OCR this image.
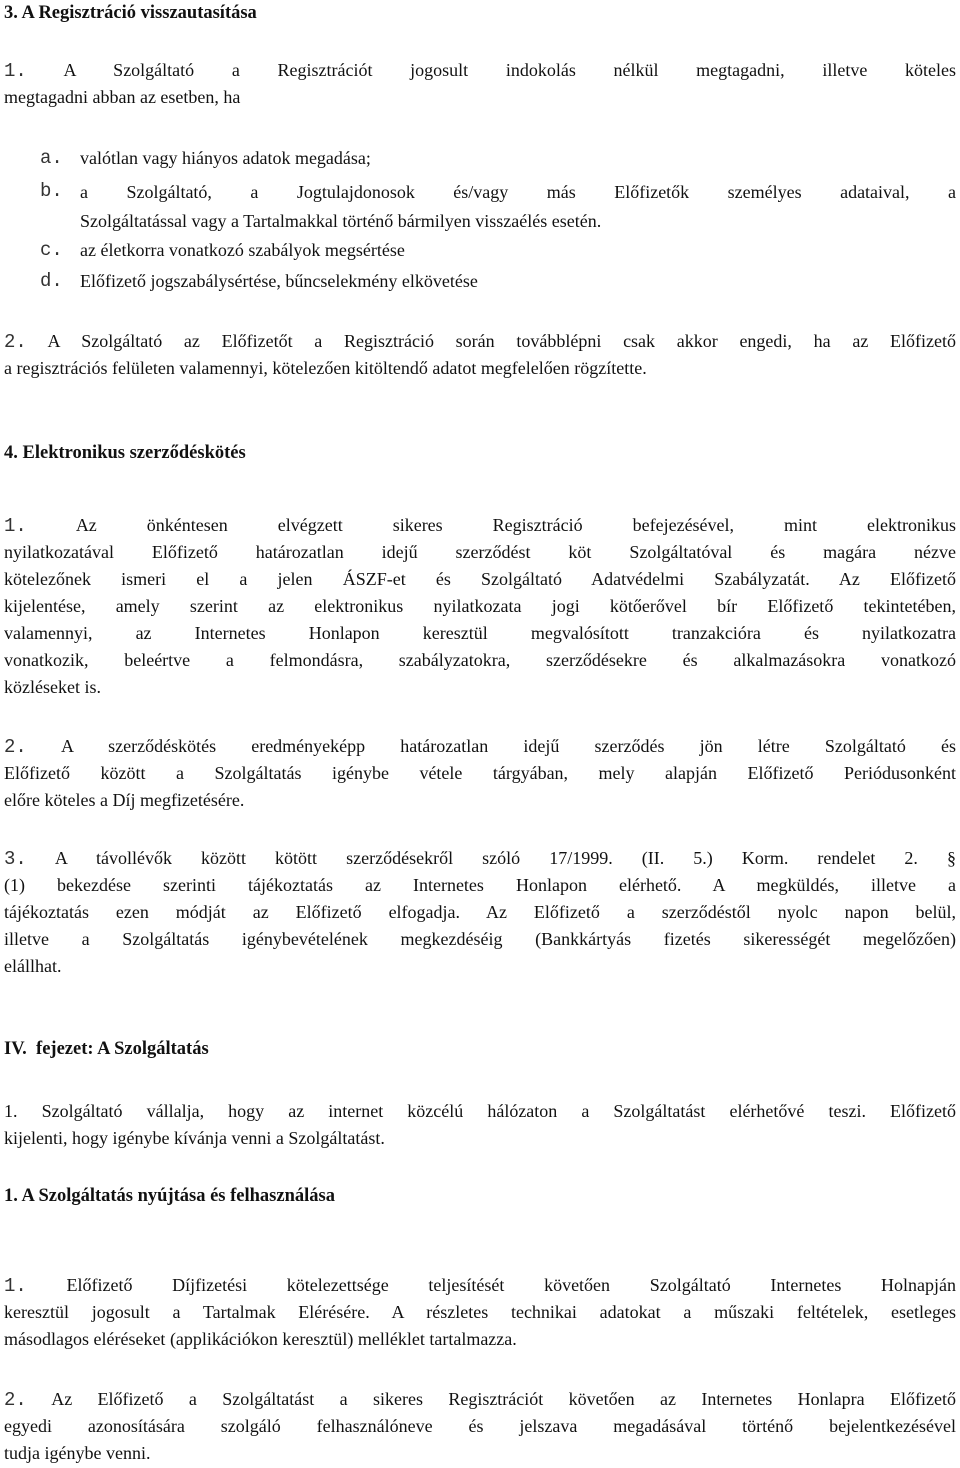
3. A Regisztráció visszautasítása
1. A Szolgáltató a Regisztrációt jogosult indokolás nélkül megtagadni, illetve köteles
megtagadni abban az esetben, ha
a. valótlan vagy hiányos adatok megadása;
b. a Szolgáltató, a Jogtulajdonosok és/vagy más Előfizetők személyes adataival, a
Szolgáltatással vagy a Tartalmakkal történő bármilyen visszaélés esetén.
c. az életkorra vonatkozó szabályok megsértése
d. Előfizető jogszabálysértése, bűncselekmény elkövetése
2. A Szolgáltató az Előfizetőt a Regisztráció során továbblépni csak akkor engedi, ha az Előfizető
a regisztrációs felületen valamennyi, kötelezően kitöltendő adatot megfelelően rögzítette.
4. Elektronikus szerződéskötés
1.	Az önkéntesen elvégzett sikeres Regisztráció befejezésével, mint elektronikus
nyilatkozatával Előfizető határozatlan idejű szerződést köt Szolgáltatóval és magára nézve
kötelezőnek ismeri el a jelen ÁSZF-et és Szolgáltató Adatvédelmi Szabályzatát. Az Előfizető
kijelentése, amely szerint az elektronikus nyilatkozata jogi kötőerővel bír Előfizető tekintetében,
valamennyi, az Internetes Honlapon keresztül megvalósított tranzakcióra és nyilatkozatra
vonatkozik, beleértve a felmondásra, szabályzatokra, szerződésekre és alkalmazásokra vonatkozó
közléseket is.
2. A szerződéskötés eredményeképp határozatlan idejű szerződés jön létre Szolgáltató és
Előfizető között a Szolgáltatás igénybe vétele tárgyában, mely alapján Előfizető Periódusonként
előre köteles a Díj megfizetésére.
3. A távollévők között kötött szerződésekről szóló 17/1999. (II. 5.) Korm. rendelet 2. §
(1) bekezdése szerinti tájékoztatás az Internetes Honlapon elérhető. A megküldés, illetve a
tájékoztatás ezen módját az Előfizető elfogadja. Az Előfizető a szerződéstől nyolc napon belül,
illetve a Szolgáltatás igénybevételének megkezdéséig (Bankkártyás fizetés sikerességét megelőzően)
elállhat.
IV.  fejezet: A Szolgáltatás
1. Szolgáltató vállalja, hogy az internet közcélú hálózaton a Szolgáltatást elérhetővé teszi. Előfizető
kijelenti, hogy igénybe kívánja venni a Szolgáltatást.
1. A Szolgáltatás nyújtása és felhasználása
1. Előfizető Díjfizetési kötelezettsége teljesítését követően Szolgáltató Internetes Holnapján
keresztül jogosult a Tartalmak Elérésére. A részletes technikai adatokat a műszaki feltételek, esetleges
másodlagos eléréseket (applikációkon keresztül) melléklet tartalmazza.
2. Az Előfizető a Szolgáltatást a sikeres Regisztrációt követően az Internetes Honlapra Előfizető
egyedi azonosítására szolgáló felhasználóneve és jelszava megadásával történő bejelentkezésével
tudja igénybe venni.
